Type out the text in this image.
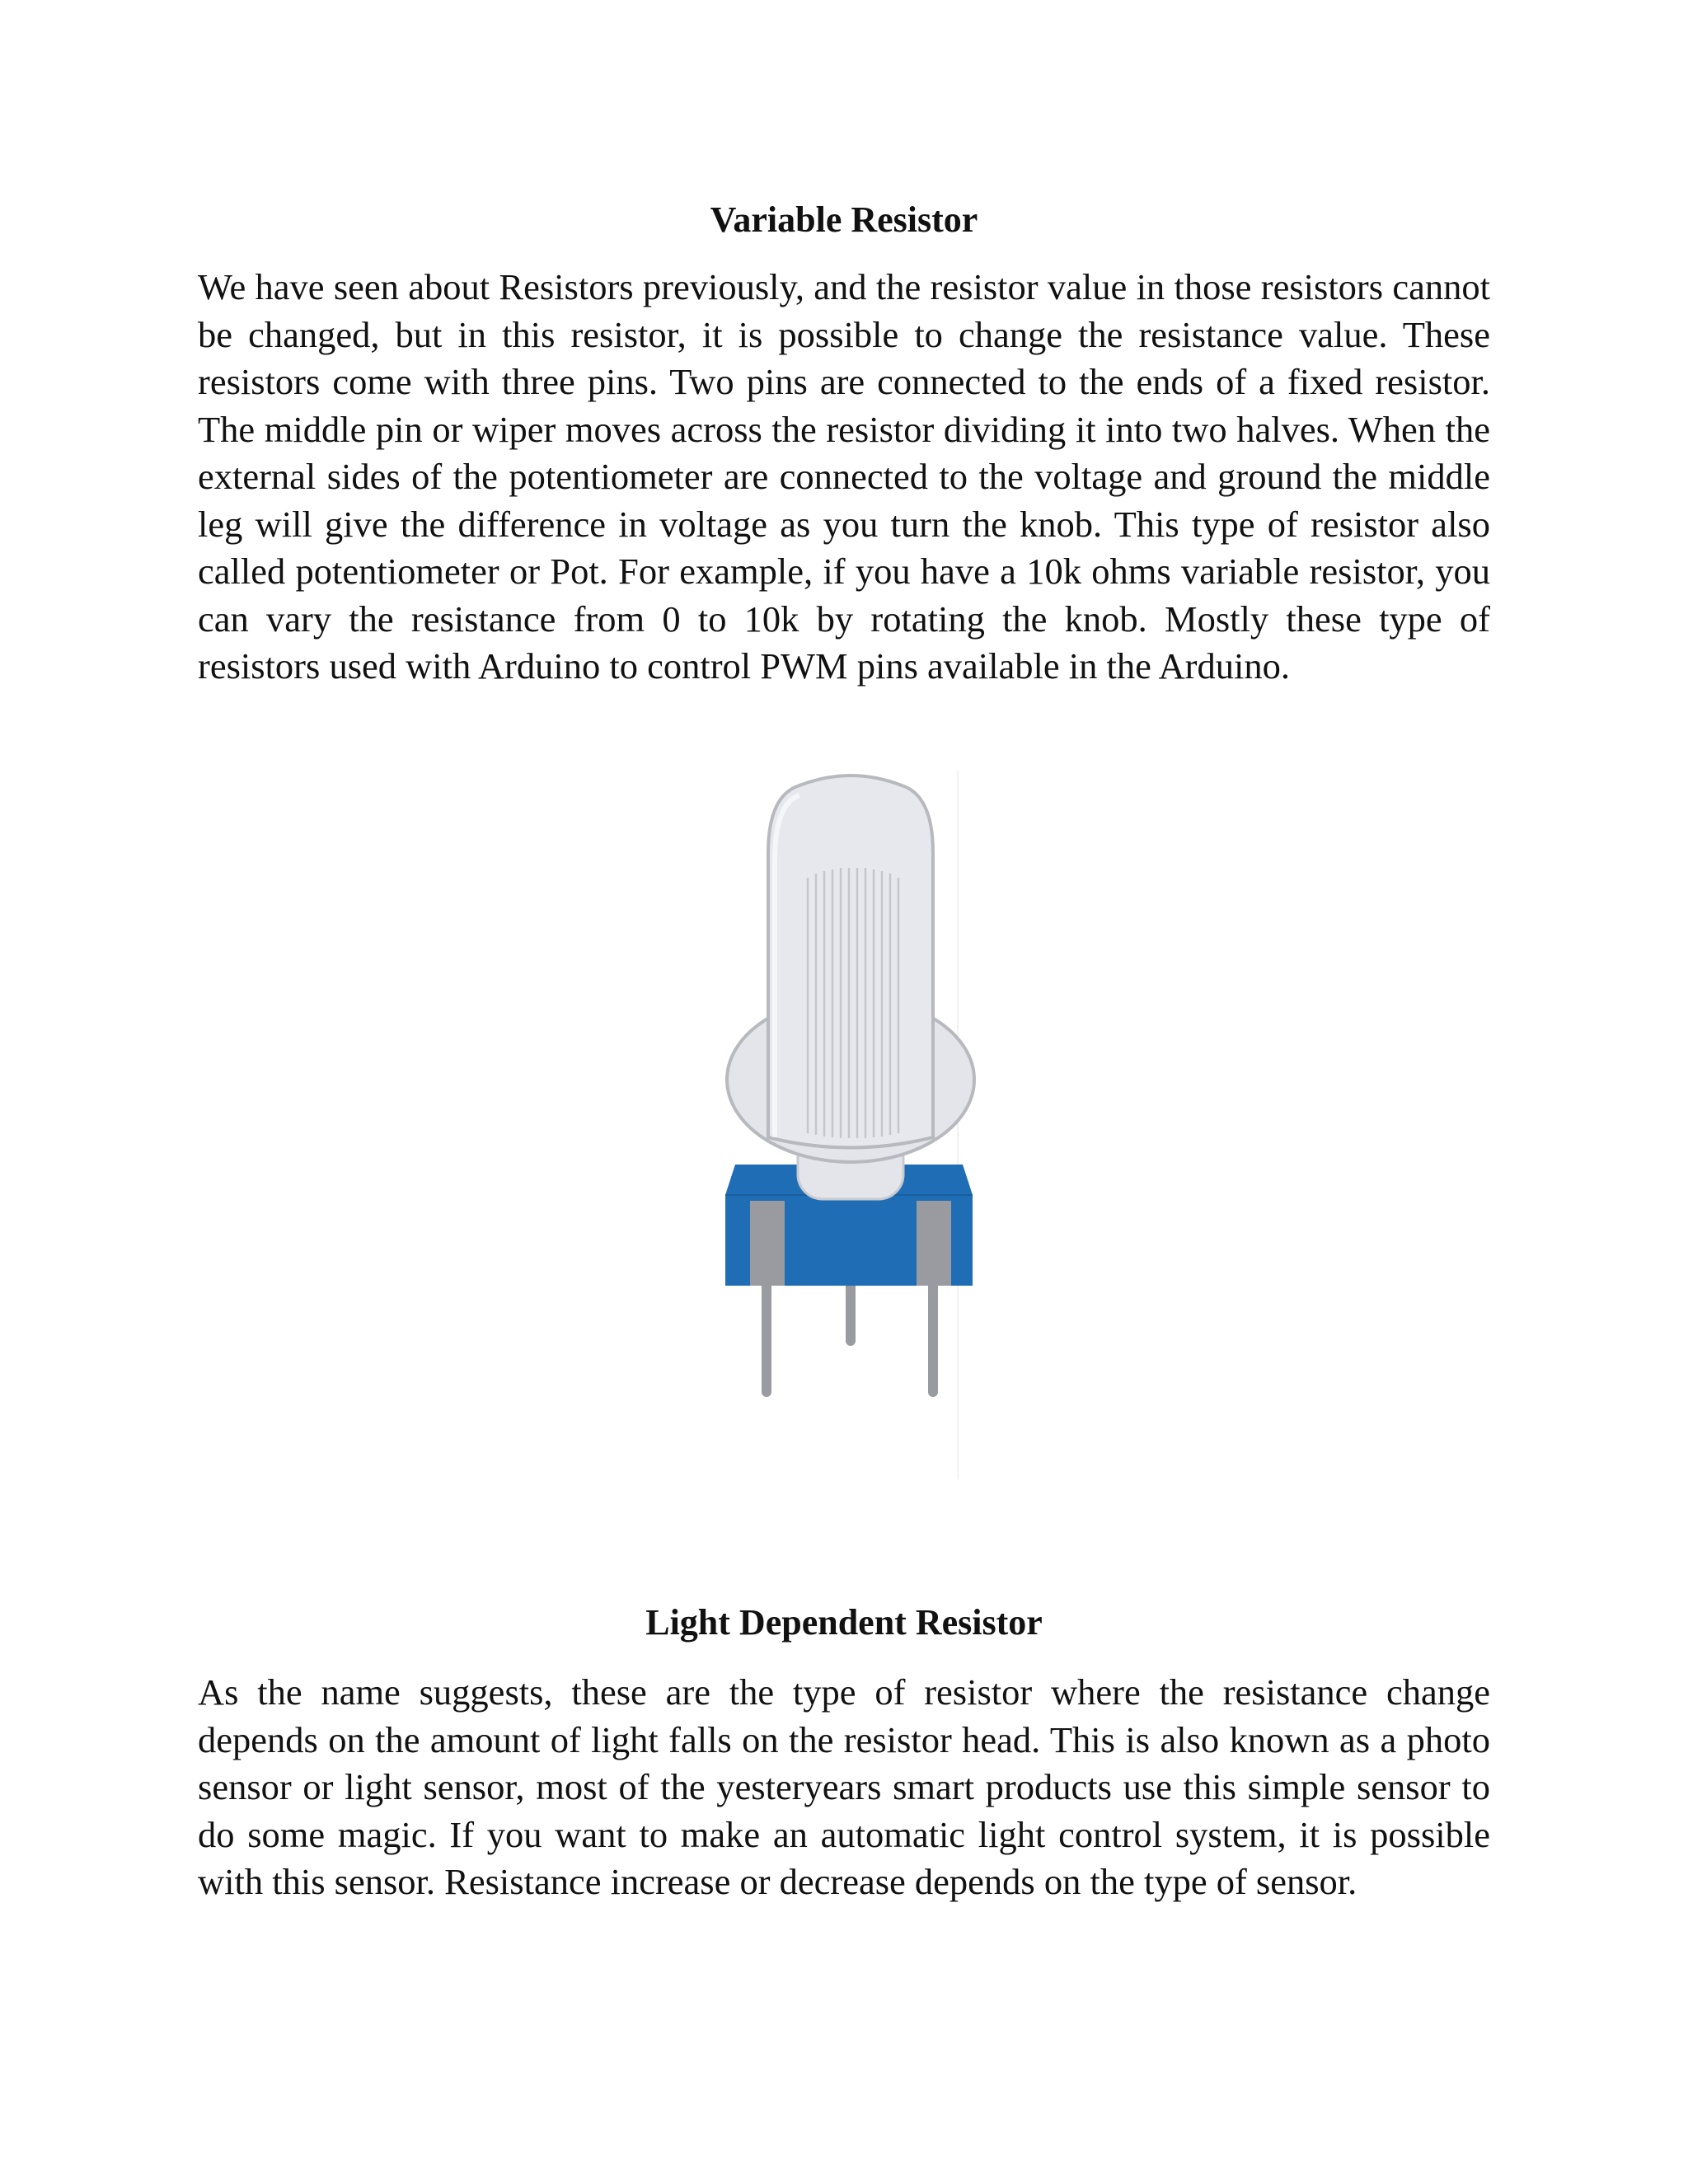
Variable Resistor

We have seen about Resistors previously, and the resistor value in those resistors cannot be changed, but in this resistor, it is possible to change the resistance value. These resistors come with three pins. Two pins are connected to the ends of a fixed resistor. The middle pin or wiper moves across the resistor dividing it into two halves. When the external sides of the potentiometer are connected to the voltage and ground the middle leg will give the difference in voltage as you turn the knob. This type of resistor also called potentiometer or Pot. For example, if you have a 10k ohms variable resistor, you can vary the resistance from 0 to 10k by rotating the knob. Mostly these type of resistors used with Arduino to control PWM pins available in the Arduino.

Light Dependent Resistor

As the name suggests, these are the type of resistor where the resistance change depends on the amount of light falls on the resistor head. This is also known as a photo sensor or light sensor, most of the yesteryears smart products use this simple sensor to do some magic. If you want to make an automatic light control system, it is possible with this sensor. Resistance increase or decrease depends on the type of sensor.
